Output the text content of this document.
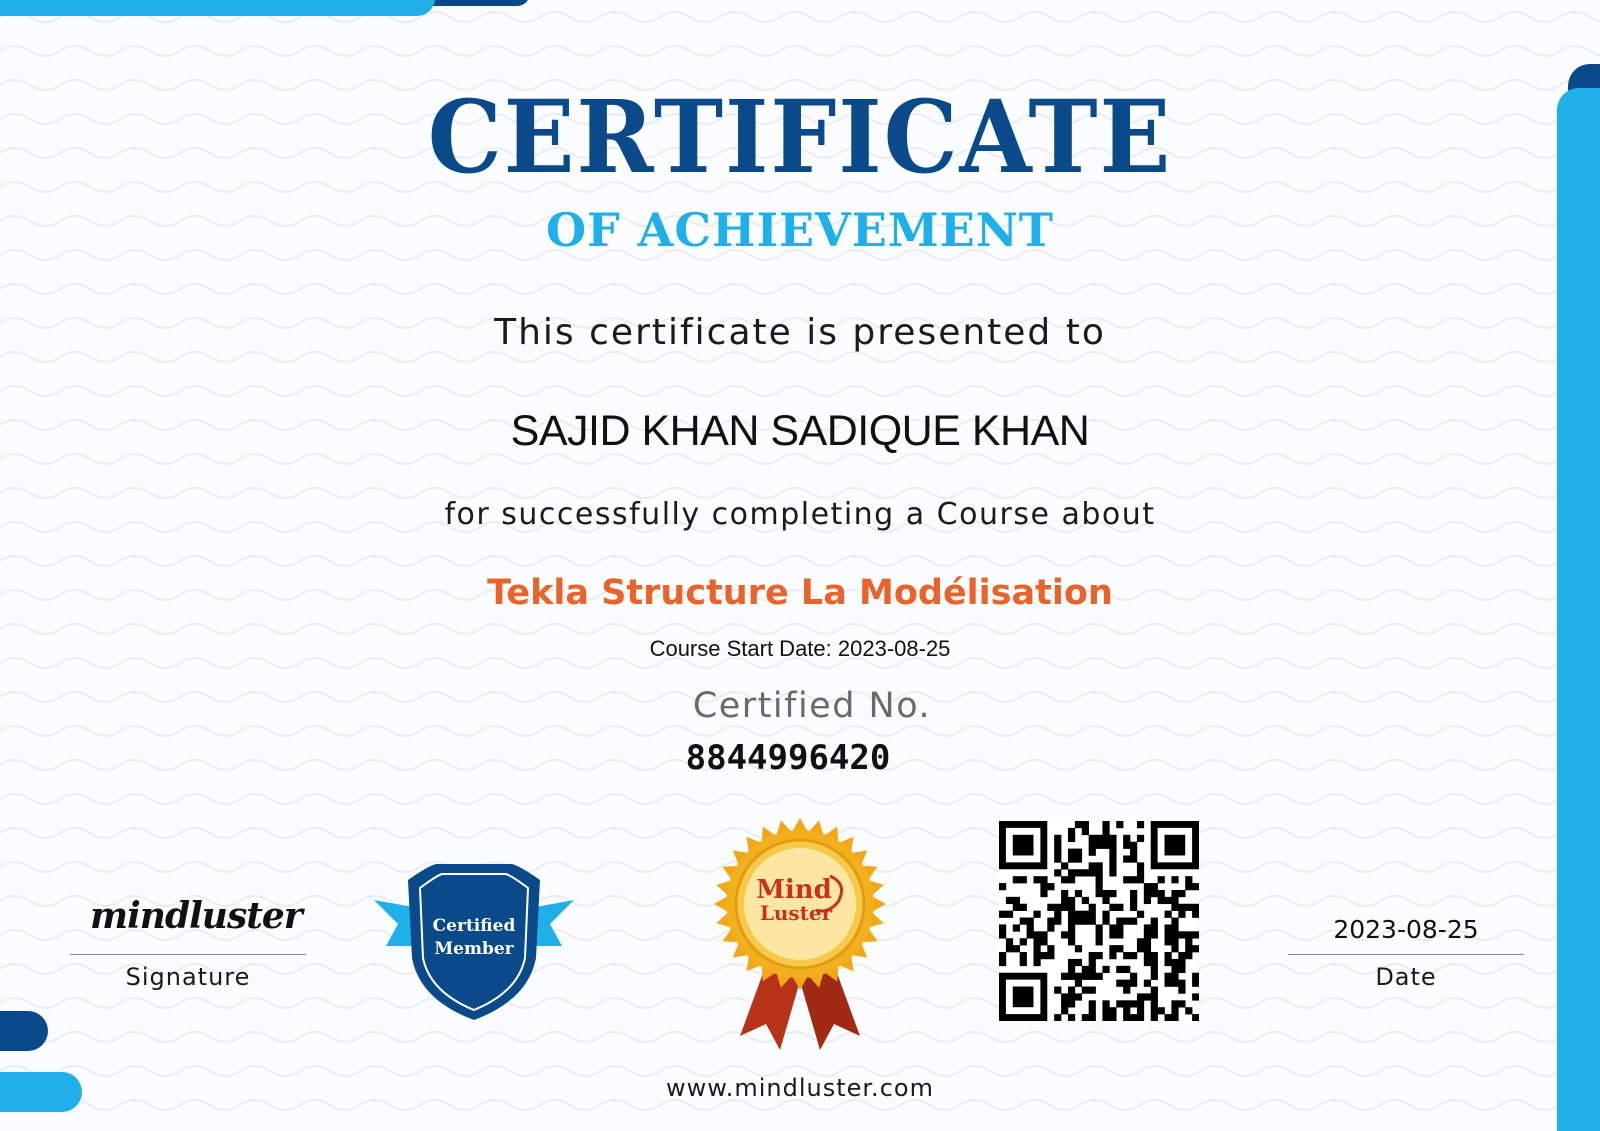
CERTIFICATE
OF ACHIEVEMENT
This certificate is presented to
SAJID KHAN SADIQUE KHAN
for successfully completing a Course about
Tekla Structure La Modélisation
Course Start Date: 2023-08-25
Certified No.
8844996420
mindluster
Signature
Certified
Member
Mind
Luster
2023-08-25
Date
www.mindluster.com
